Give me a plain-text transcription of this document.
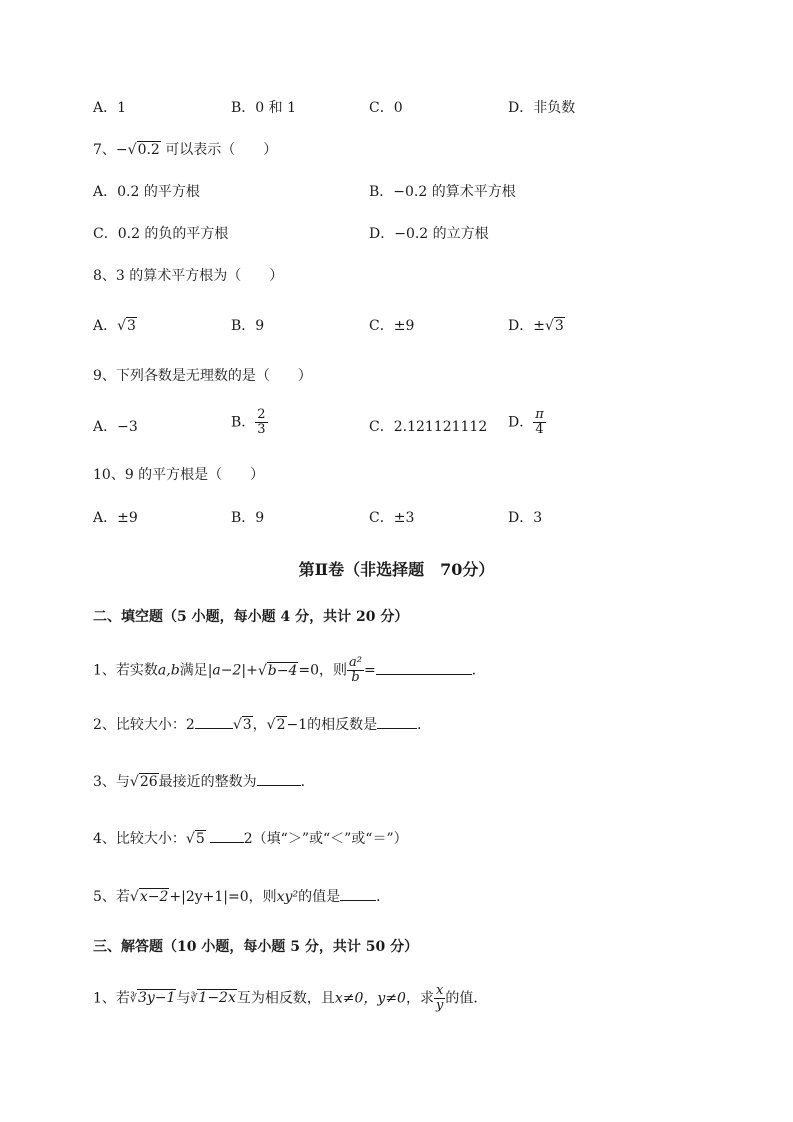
A．1	B．0 和 1	C．0	D．非负数
7、−√0.2 可以表示（　　）
A．0.2 的平方根	B．−0.2 的算术平方根
C．0.2 的负的平方根	D．−0.2 的立方根
8、3 的算术平方根为（　　）
A．√3	B．9	C．±9	D．±√3
9、下列各数是无理数的是（　　）
A．−3	B． $\frac{2}{3}$	C．2.121121112 D． $\frac{\pi}{4}$
10、9 的平方根是（　　）
A．±9	B．9	C．±3	D．3
第Ⅱ卷（非选择题　70分）
二、填空题（5 小题，每小题 4 分，共计 20 分）
1、若实数a,b满足|a−2|+√b−4=0，则 $\frac{\text{a²}}{b}$ =	．
2、比较大小：2	√3，√2−1的相反数是	．
3、与√26最接近的整数为	．
4、比较大小：√5	2（填“＞”或“＜”或“＝”）
5、若√x−2+|2y+1|=0，则xy²的值是	．
三、解答题（10 小题，每小题 5 分，共计 50 分）
1、若∛3y−1与∛1−2x互为相反数，且x≠0，y≠0，求 $\frac{x}{y}$ 的值．
